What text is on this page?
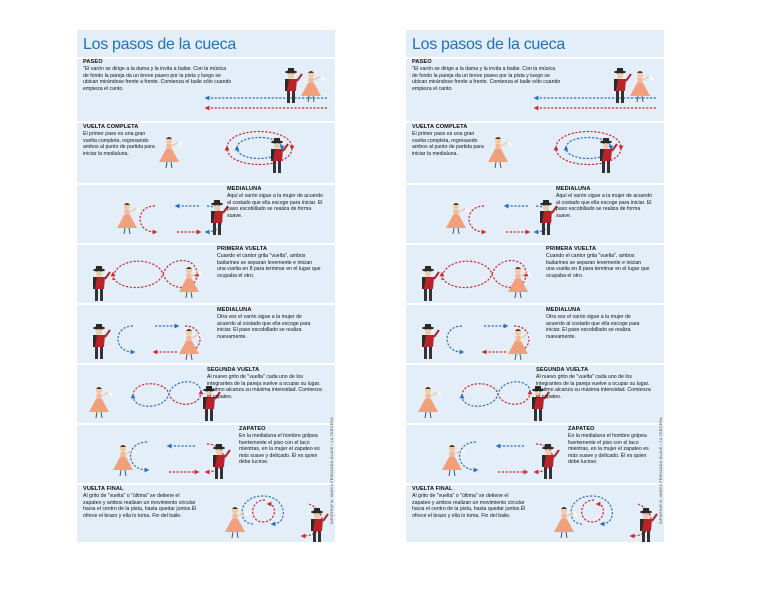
Los pasos de la cueca
PASEO
"El varón se dirige a la dama y la invita a bailar. Con la música de fondo la pareja da un breve paseo por la pista y luego se ubican mirándose frente a frente. Comienza el baile sólo cuando empieza el canto.
VUELTA COMPLETA
El primer paso es una gran vuelta completa, regresando ambos al punto de partida para iniciar la medialuna.
MEDIALUNA
Aquí el varón sigue a la mujer de acuerdo al costado que ella escoge para iniciar. El paso escobillado se realiza de forma suave.
PRIMERA VUELTA
Cuando el cantor grita "vuelta", ambos bailarines se separan levemente e inician una vuelta en 8 para terminar en el lugar que ocupaba el otro.
MEDIALUNA
Otra vez el varón sigue a la mujer de acuerdo al costado que ella escoge para iniciar. El paso escobillado se realiza nuevamente.
SEGUNDA VUELTA
Al nuevo grito de "vuelta" cada uno de los integrantes de la pareja vuelve a ocupar su lugar. El ritmo alcanza su máxima intensidad. Comienza el zapateo.
ZAPATEO
En la medialuna el hombre golpea fuertemente el piso con el taco mientras, en la mujer el zapateo es más suave y delicado. Él es quien debe lucirse.
VUELTA FINAL
Al grito de "vuelta" o "última" se detiene el zapateo y ambos realizan un movimiento circular hacia el centro de la pista, hasta quedar juntos.Él ofrece el brazo y ella lo toma. Fin del baile.	INFOGRAFÍA: MARÍA FERNANDA OLAVE / LA TERCERA
Los pasos de la cueca
PASEO
"El varón se dirige a la dama y la invita a bailar. Con la música de fondo la pareja da un breve paseo por la pista y luego se ubican mirándose frente a frente. Comienza el baile sólo cuando empieza el canto.
VUELTA COMPLETA
El primer paso es una gran vuelta completa, regresando ambos al punto de partida para iniciar la medialuna.
MEDIALUNA
Aquí el varón sigue a la mujer de acuerdo al costado que ella escoge para iniciar. El paso escobillado se realiza de forma suave.
PRIMERA VUELTA
Cuando el cantor grita "vuelta", ambos bailarines se separan levemente e inician una vuelta en 8 para terminar en el lugar que ocupaba el otro.
MEDIALUNA
Otra vez el varón sigue a la mujer de acuerdo al costado que ella escoge para iniciar. El paso escobillado se realiza nuevamente.
SEGUNDA VUELTA
Al nuevo grito de "vuelta" cada uno de los integrantes de la pareja vuelve a ocupar su lugar. El ritmo alcanza su máxima intensidad. Comienza el zapateo.
ZAPATEO
En la medialuna el hombre golpea fuertemente el piso con el taco mientras, en la mujer el zapateo es más suave y delicado. Él es quien debe lucirse.
VUELTA FINAL
Al grito de "vuelta" o "última" se detiene el zapateo y ambos realizan un movimiento circular hacia el centro de la pista, hasta quedar juntos.Él ofrece el brazo y ella lo toma. Fin del baile.	INFOGRAFÍA: MARÍA FERNANDA OLAVE / LA TERCERA
